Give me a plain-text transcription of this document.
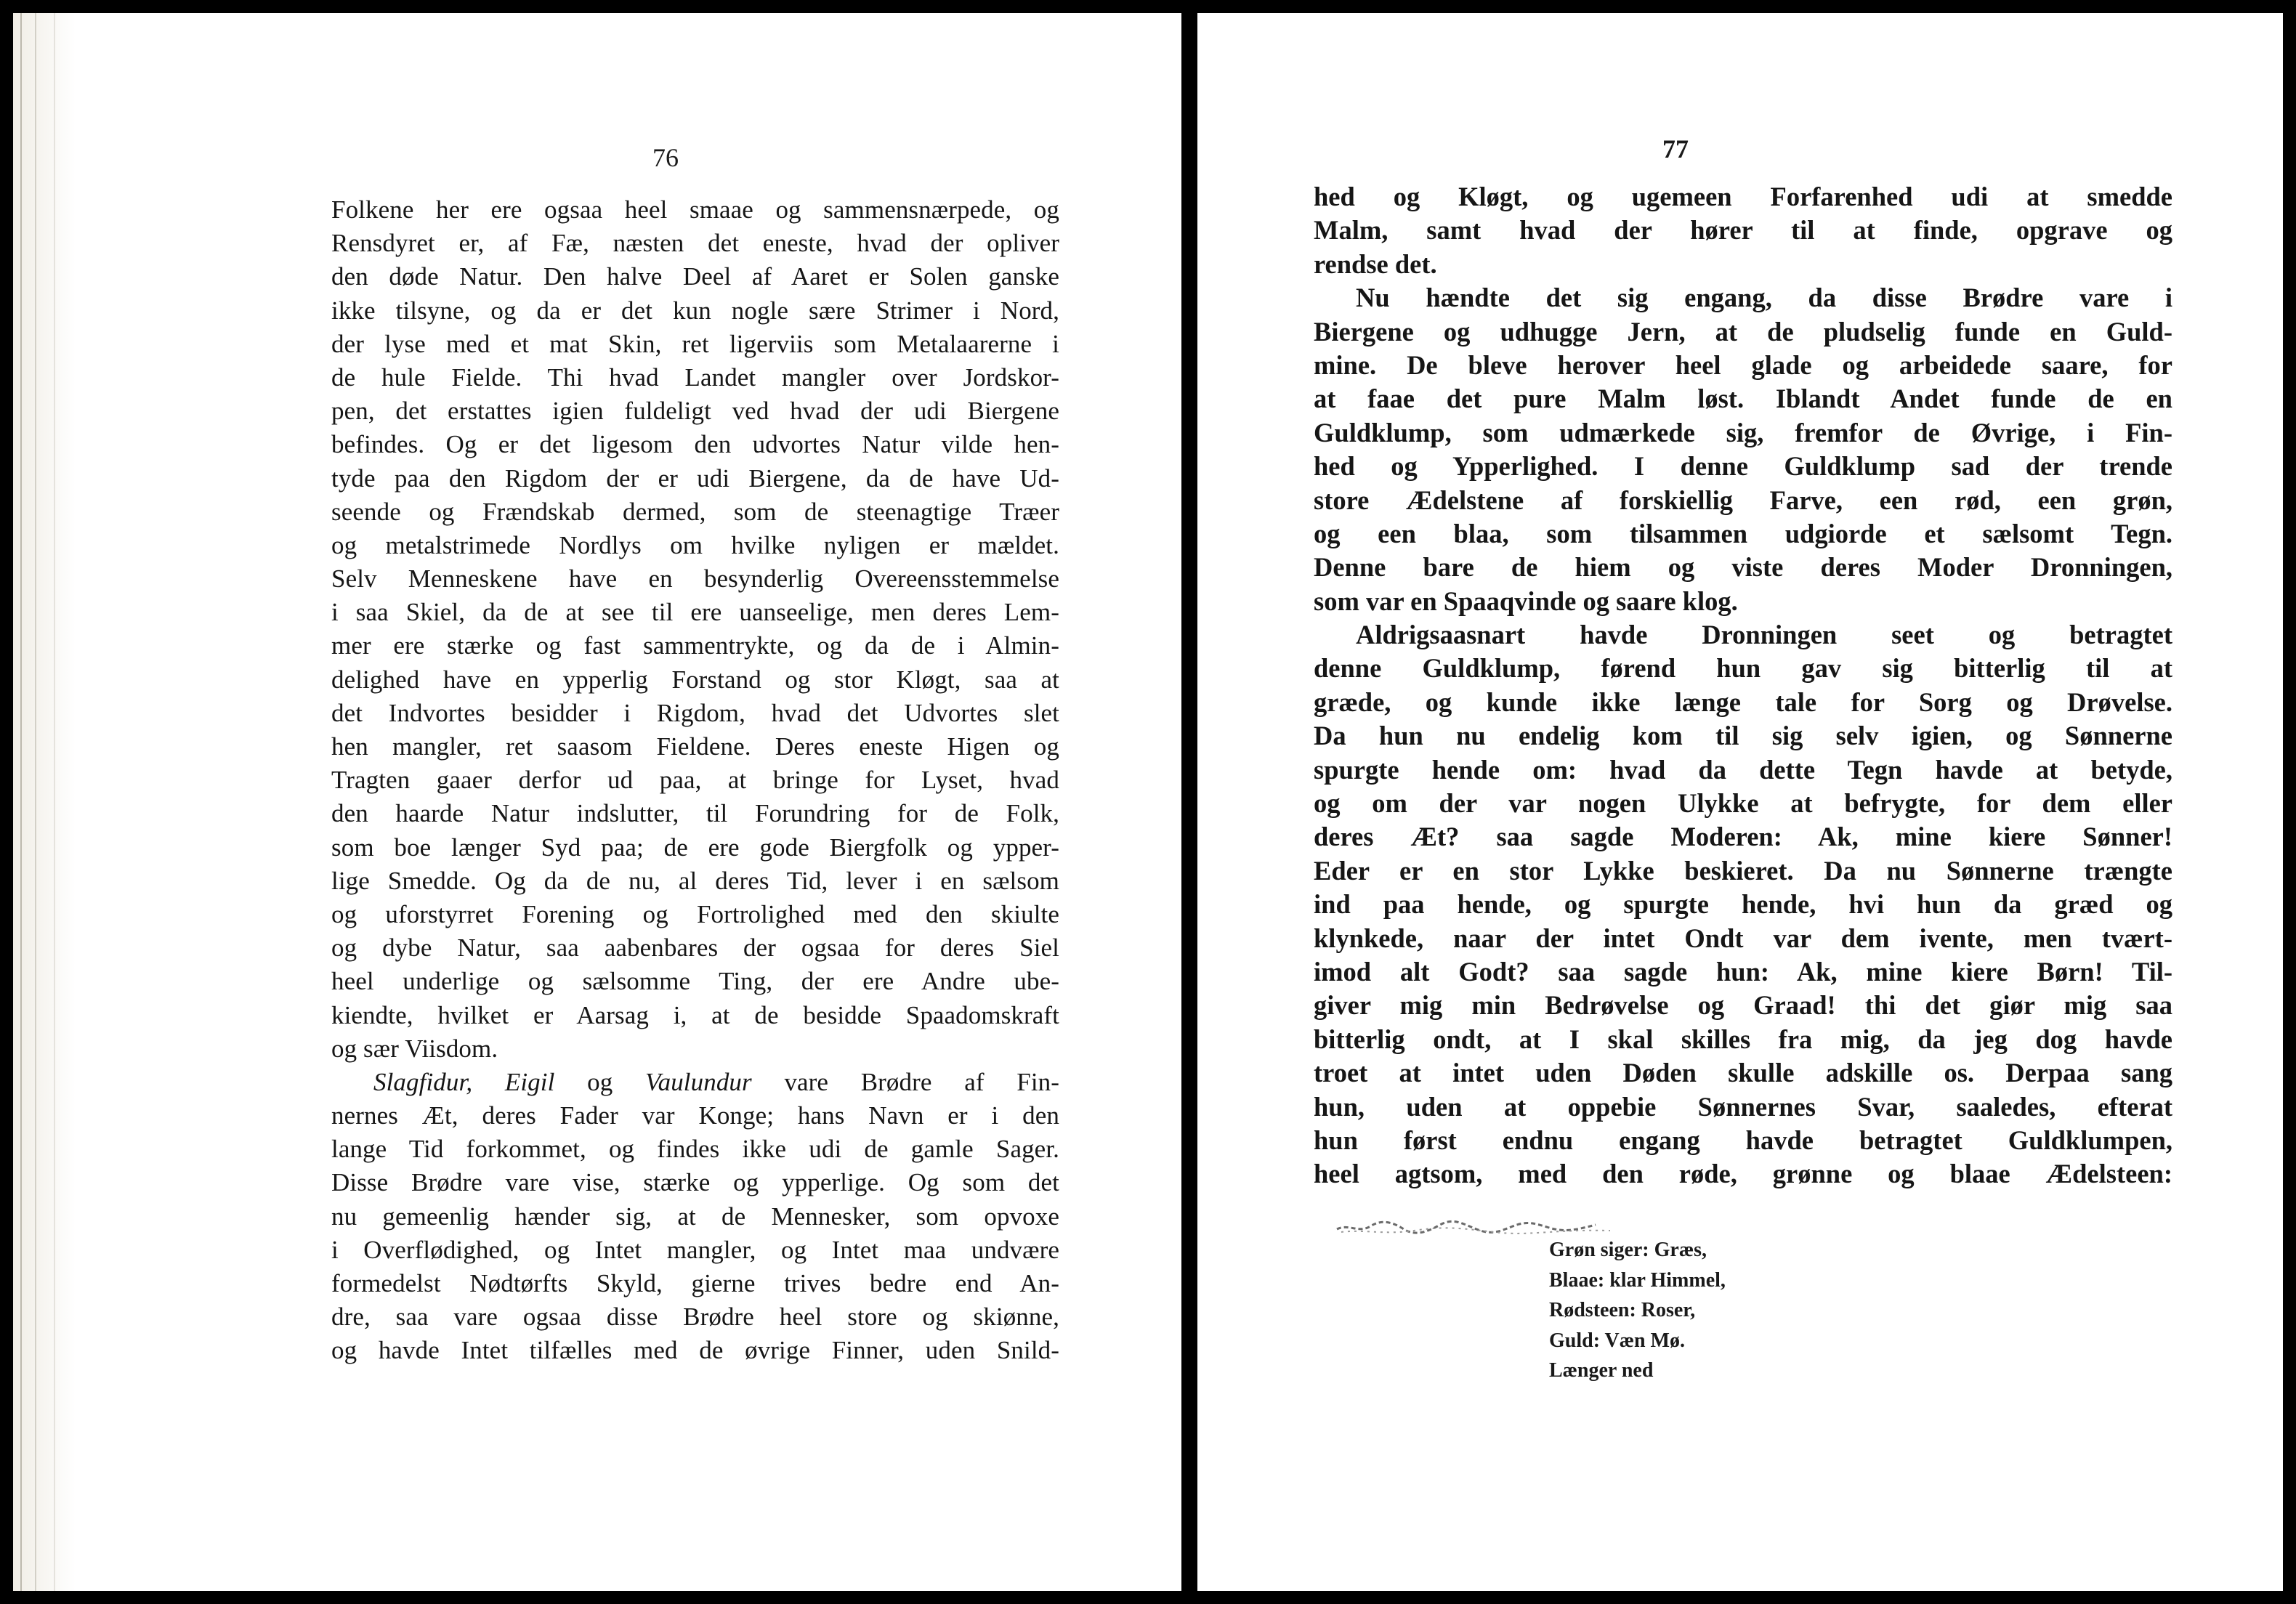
76
Folkene her ere ogsaa heel smaae og sammensnærpede, og
Rensdyret er, af Fæ, næsten det eneste, hvad der opliver
den døde Natur. Den halve Deel af Aaret er Solen ganske
ikke tilsyne, og da er det kun nogle sære Strimer i Nord,
der lyse med et mat Skin, ret ligerviis som Metalaarerne i
de hule Fielde. Thi hvad Landet mangler over Jordskor-
pen, det erstattes igien fuldeligt ved hvad der udi Biergene
befindes. Og er det ligesom den udvortes Natur vilde hen-
tyde paa den Rigdom der er udi Biergene, da de have Ud-
seende og Frændskab dermed, som de steenagtige Træer
og metalstrimede Nordlys om hvilke nyligen er mældet.
Selv Menneskene have en besynderlig Overeensstemmelse
i saa Skiel, da de at see til ere uanseelige, men deres Lem-
mer ere stærke og fast sammentrykte, og da de i Almin-
delighed have en ypperlig Forstand og stor Kløgt, saa at
det Indvortes besidder i Rigdom, hvad det Udvortes slet
hen mangler, ret saasom Fieldene. Deres eneste Higen og
Tragten gaaer derfor ud paa, at bringe for Lyset, hvad
den haarde Natur indslutter, til Forundring for de Folk,
som boe længer Syd paa; de ere gode Biergfolk og ypper-
lige Smedde. Og da de nu, al deres Tid, lever i en sælsom
og uforstyrret Forening og Fortrolighed med den skiulte
og dybe Natur, saa aabenbares der ogsaa for deres Siel
heel underlige og sælsomme Ting, der ere Andre ube-
kiendte, hvilket er Aarsag i, at de besidde Spaadomskraft
og sær Viisdom.
Slagfidur, Eigil og Vaulundur vare Brødre af Fin-
nernes Æt, deres Fader var Konge; hans Navn er i den
lange Tid forkommet, og findes ikke udi de gamle Sager.
Disse Brødre vare vise, stærke og ypperlige. Og som det
nu gemeenlig hænder sig, at de Mennesker, som opvoxe
i Overflødighed, og Intet mangler, og Intet maa undvære
formedelst Nødtørfts Skyld, gierne trives bedre end An-
dre, saa vare ogsaa disse Brødre heel store og skiønne,
og havde Intet tilfælles med de øvrige Finner, uden Snild-
77
hed og Kløgt, og ugemeen Forfarenhed udi at smedde
Malm, samt hvad der hører til at finde, opgrave og
rendse det.
Nu hændte det sig engang, da disse Brødre vare i
Biergene og udhugge Jern, at de pludselig funde en Guld-
mine. De bleve herover heel glade og arbeidede saare, for
at faae det pure Malm løst. Iblandt Andet funde de en
Guldklump, som udmærkede sig, fremfor de Øvrige, i Fin-
hed og Ypperlighed. I denne Guldklump sad der trende
store Ædelstene af forskiellig Farve, een rød, een grøn,
og een blaa, som tilsammen udgiorde et sælsomt Tegn.
Denne bare de hiem og viste deres Moder Dronningen,
som var en Spaaqvinde og saare klog.
Aldrigsaasnart havde Dronningen seet og betragtet
denne Guldklump, førend hun gav sig bitterlig til at
græde, og kunde ikke længe tale for Sorg og Drøvelse.
Da hun nu endelig kom til sig selv igien, og Sønnerne
spurgte hende om: hvad da dette Tegn havde at betyde,
og om der var nogen Ulykke at befrygte, for dem eller
deres Æt? saa sagde Moderen: Ak, mine kiere Sønner!
Eder er en stor Lykke beskieret. Da nu Sønnerne trængte
ind paa hende, og spurgte hende, hvi hun da græd og
klynkede, naar der intet Ondt var dem ivente, men tvært-
imod alt Godt? saa sagde hun: Ak, mine kiere Børn! Til-
giver mig min Bedrøvelse og Graad! thi det giør mig saa
bitterlig ondt, at I skal skilles fra mig, da jeg dog havde
troet at intet uden Døden skulle adskille os. Derpaa sang
hun, uden at oppebie Sønnernes Svar, saaledes, efterat
hun først endnu engang havde betragtet Guldklumpen,
heel agtsom, med den røde, grønne og blaae Ædelsteen:
Grøn siger: Græs,
Blaae: klar Himmel,
Rødsteen: Roser,
Guld: Væn Mø.
Længer ned
